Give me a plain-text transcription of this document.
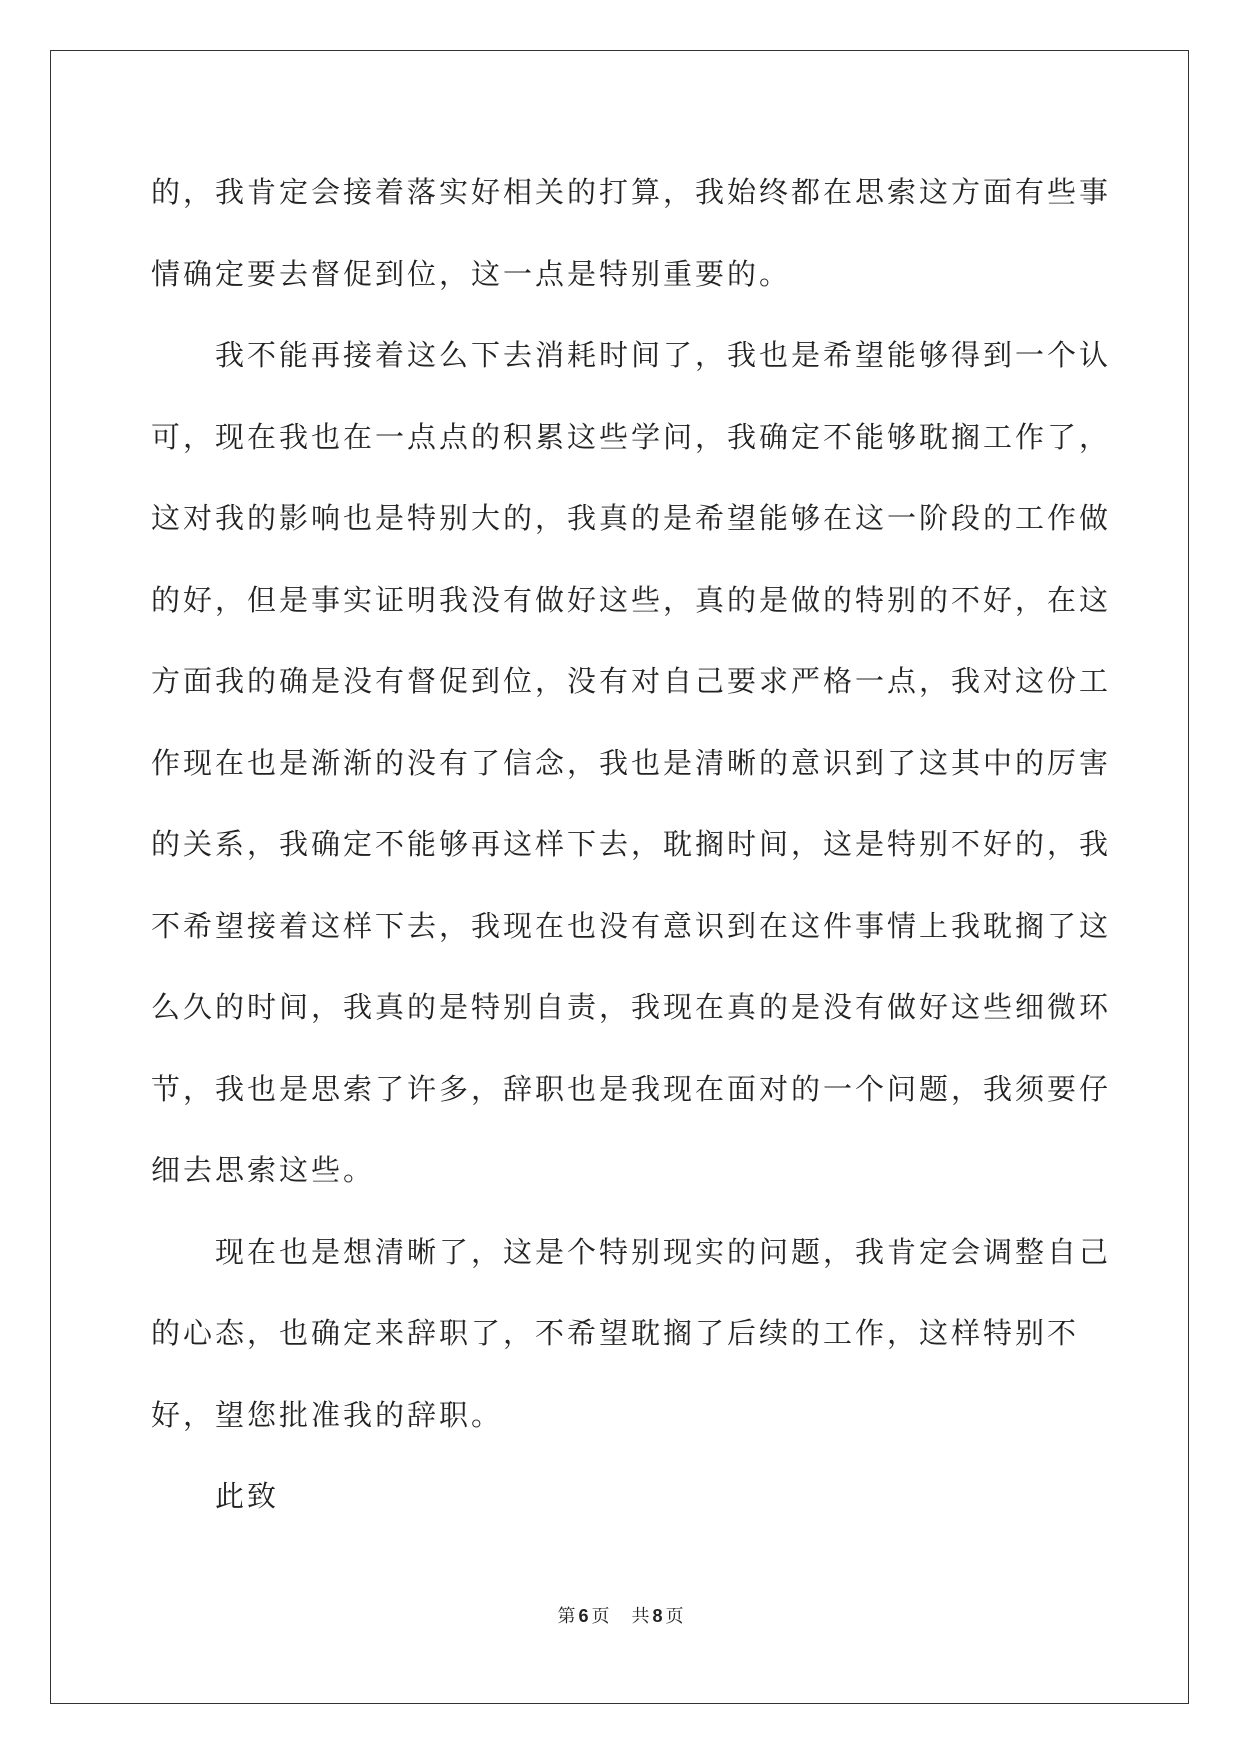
的，我肯定会接着落实好相关的打算，我始终都在思索这方面有些事情确定要去督促到位，这一点是特别重要的。

我不能再接着这么下去消耗时间了，我也是希望能够得到一个认可，现在我也在一点点的积累这些学问，我确定不能够耽搁工作了，这对我的影响也是特别大的，我真的是希望能够在这一阶段的工作做的好，但是事实证明我没有做好这些，真的是做的特别的不好，在这方面我的确是没有督促到位，没有对自己要求严格一点，我对这份工作现在也是渐渐的没有了信念，我也是清晰的意识到了这其中的厉害的关系，我确定不能够再这样下去，耽搁时间，这是特别不好的，我不希望接着这样下去，我现在也没有意识到在这件事情上我耽搁了这么久的时间，我真的是特别自责，我现在真的是没有做好这些细微环节，我也是思索了许多，辞职也是我现在面对的一个问题，我须要仔细去思索这些。

现在也是想清晰了，这是个特别现实的问题，我肯定会调整自己的心态，也确定来辞职了，不希望耽搁了后续的工作，这样特别不好，望您批准我的辞职。

此致

第 6 页 共 8 页
